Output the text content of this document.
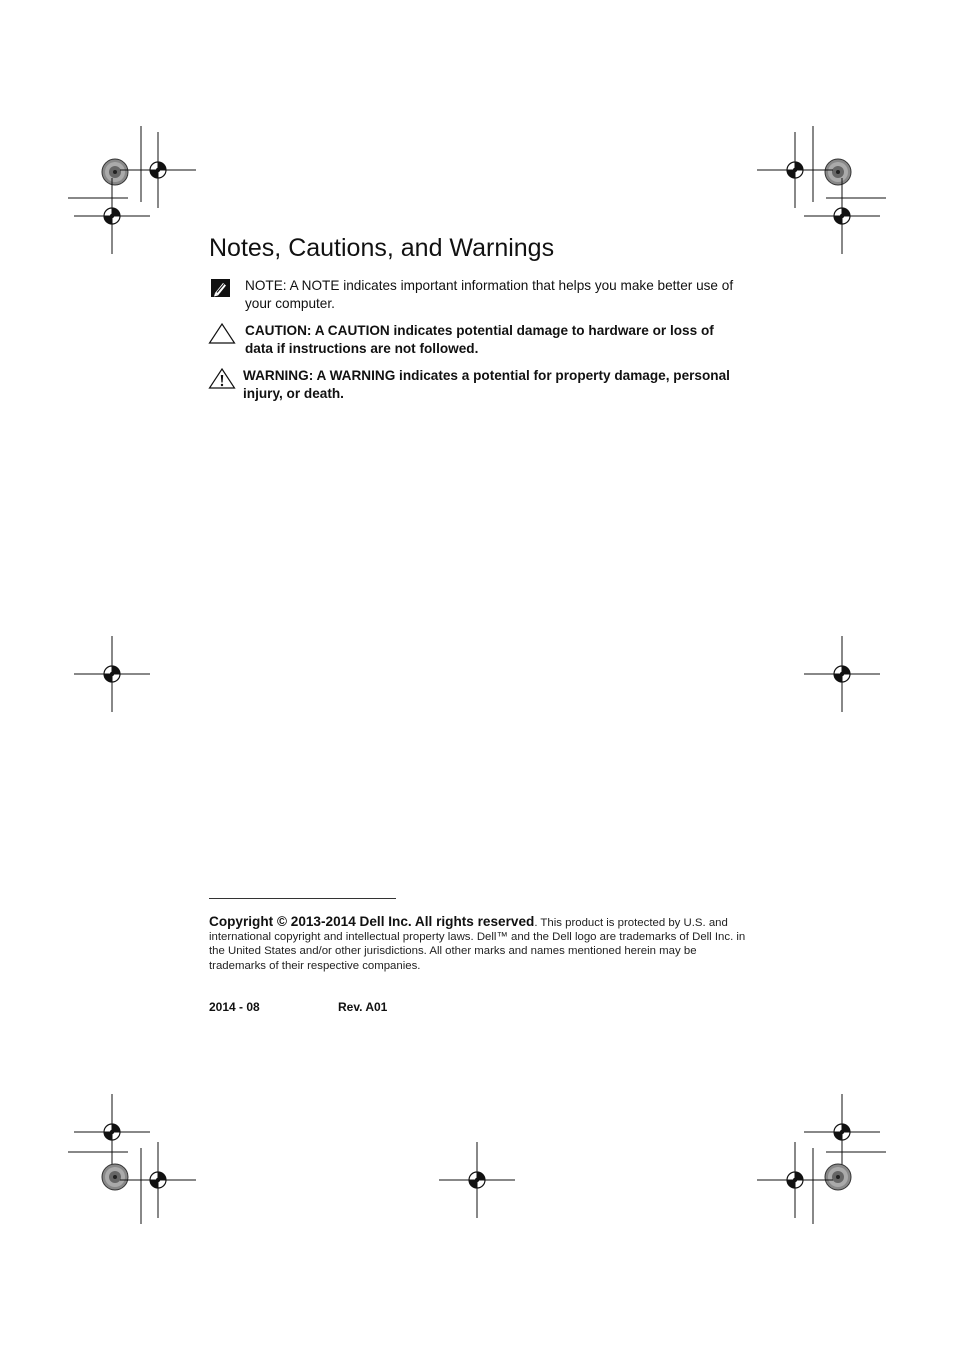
Notes, Cautions, and Warnings
NOTE: A NOTE indicates important information that helps you make better use of your computer.
CAUTION: A CAUTION indicates potential damage to hardware or loss of data if instructions are not followed.
WARNING: A WARNING indicates a potential for property damage, personal injury, or death.
Copyright © 2013-2014 Dell Inc. All rights reserved. This product is protected by U.S. and international copyright and intellectual property laws. Dell™ and the Dell logo are trademarks of Dell Inc. in the United States and/or other jurisdictions. All other marks and names mentioned herein may be trademarks of their respective companies.
2014 - 08	Rev. A01
